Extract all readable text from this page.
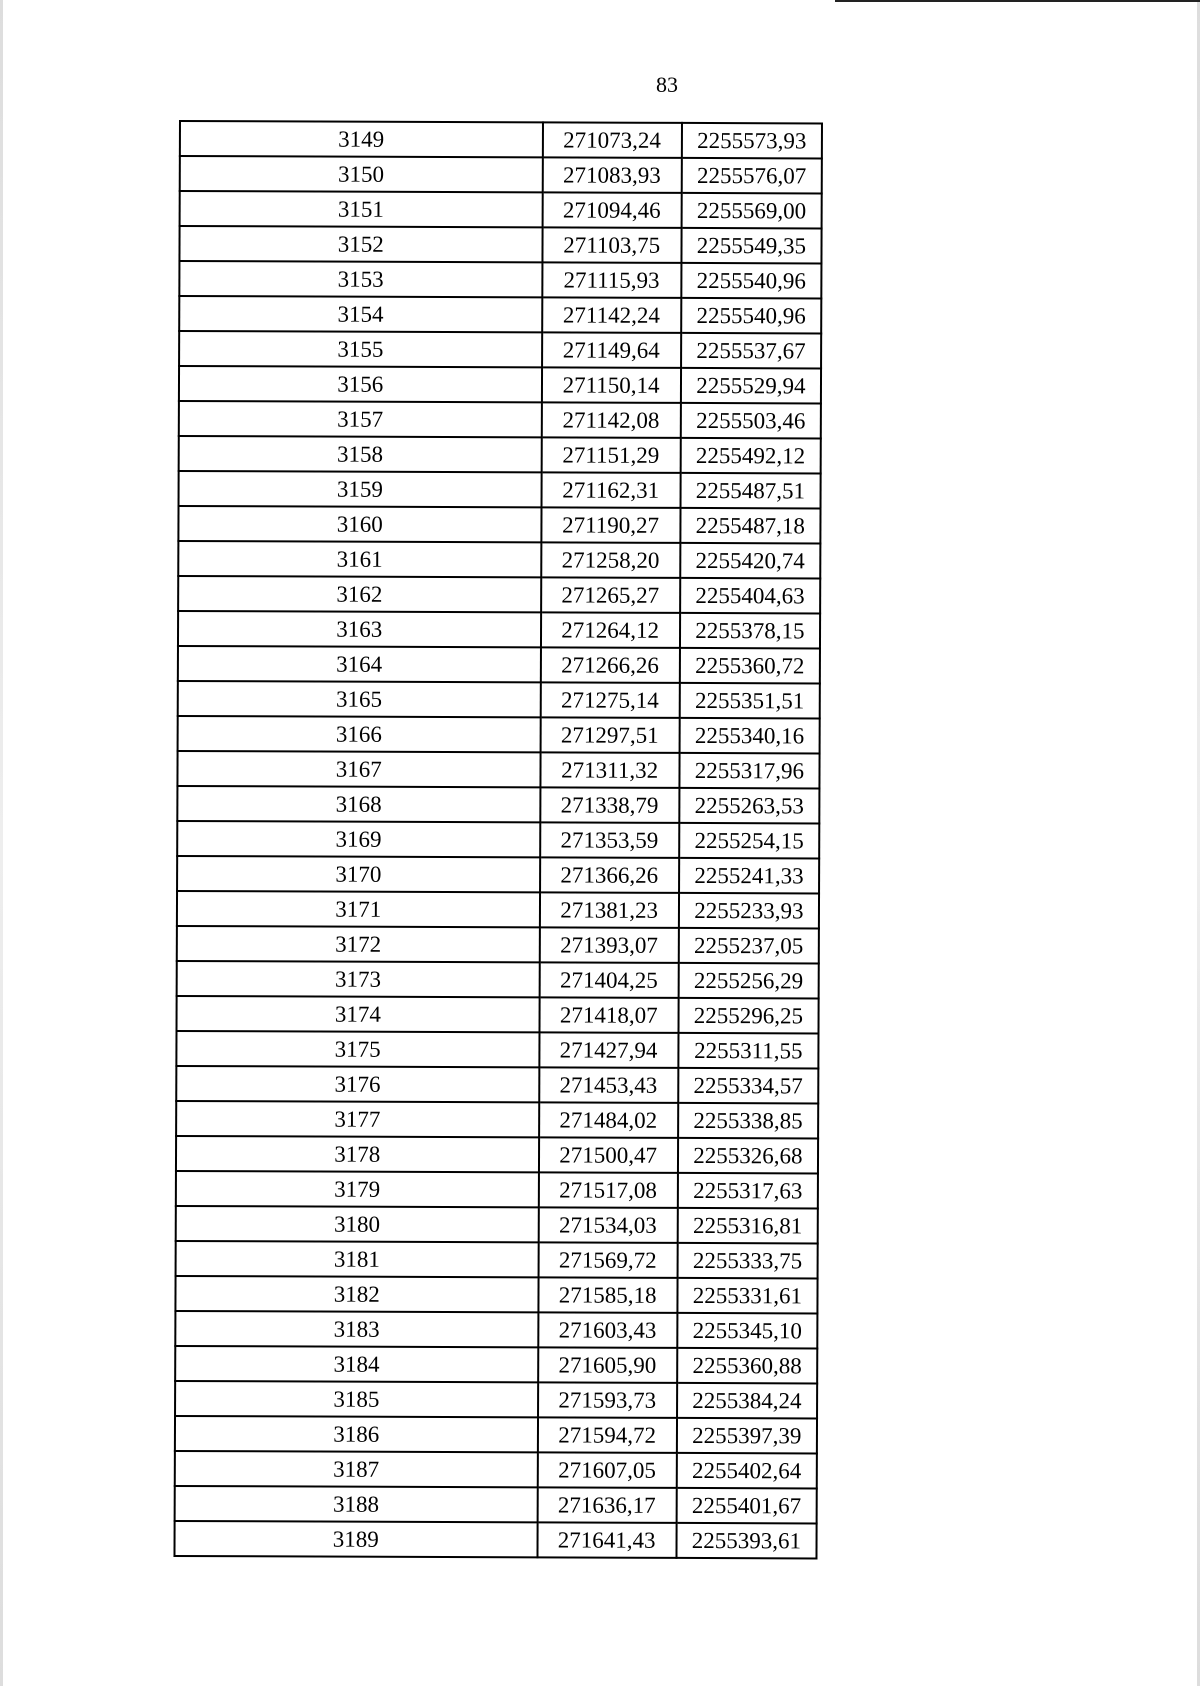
83
3149	271073,24	2255573,93
3150	271083,93	2255576,07
3151	271094,46	2255569,00
3152	271103,75	2255549,35
3153	271115,93	2255540,96
3154	271142,24	2255540,96
3155	271149,64	2255537,67
3156	271150,14	2255529,94
3157	271142,08	2255503,46
3158	271151,29	2255492,12
3159	271162,31	2255487,51
3160	271190,27	2255487,18
3161	271258,20	2255420,74
3162	271265,27	2255404,63
3163	271264,12	2255378,15
3164	271266,26	2255360,72
3165	271275,14	2255351,51
3166	271297,51	2255340,16
3167	271311,32	2255317,96
3168	271338,79	2255263,53
3169	271353,59	2255254,15
3170	271366,26	2255241,33
3171	271381,23	2255233,93
3172	271393,07	2255237,05
3173	271404,25	2255256,29
3174	271418,07	2255296,25
3175	271427,94	2255311,55
3176	271453,43	2255334,57
3177	271484,02	2255338,85
3178	271500,47	2255326,68
3179	271517,08	2255317,63
3180	271534,03	2255316,81
3181	271569,72	2255333,75
3182	271585,18	2255331,61
3183	271603,43	2255345,10
3184	271605,90	2255360,88
3185	271593,73	2255384,24
3186	271594,72	2255397,39
3187	271607,05	2255402,64
3188	271636,17	2255401,67
3189	271641,43	2255393,61
